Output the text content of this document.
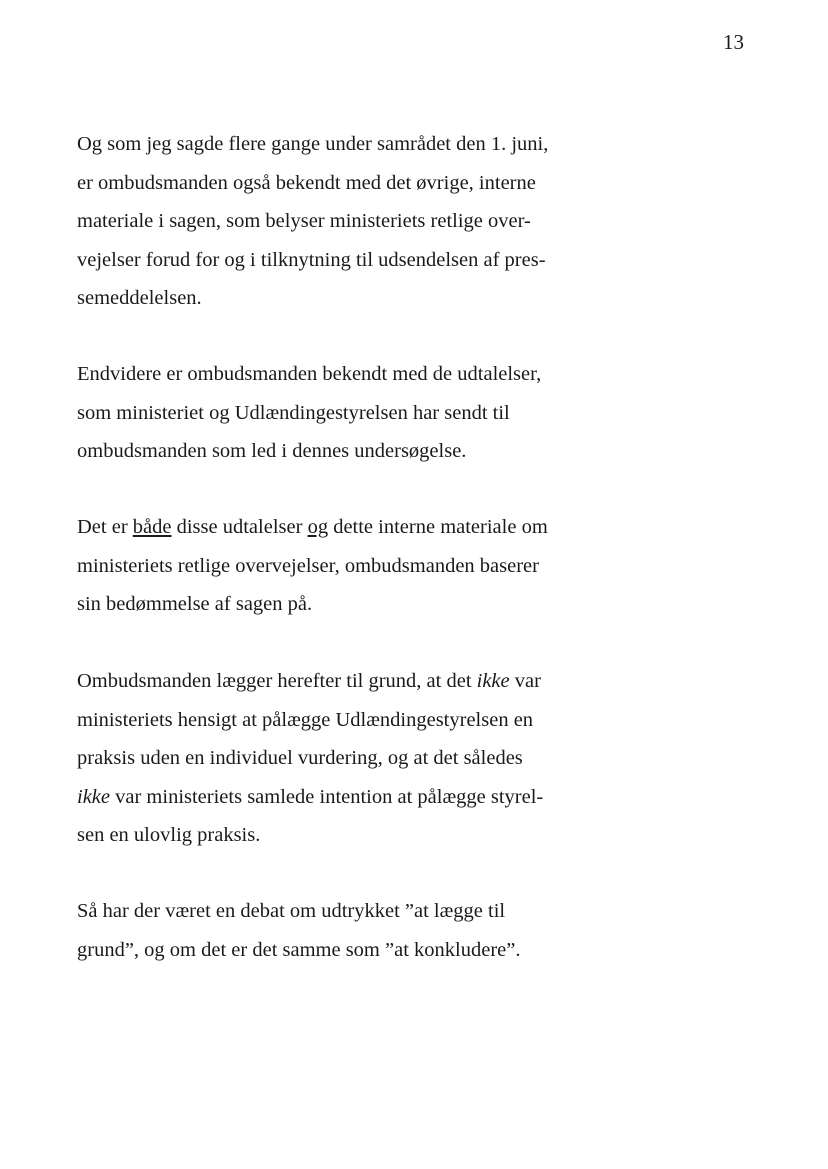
13

Og som jeg sagde flere gange under samrådet den 1. juni,
er ombudsmanden også bekendt med det øvrige, interne
materiale i sagen, som belyser ministeriets retlige over-
vejelser forud for og i tilknytning til udsendelsen af pres-
semeddelelsen.

Endvidere er ombudsmanden bekendt med de udtalelser,
som ministeriet og Udlændingestyrelsen har sendt til
ombudsmanden som led i dennes undersøgelse.

Det er både disse udtalelser og dette interne materiale om
ministeriets retlige overvejelser, ombudsmanden baserer
sin bedømmelse af sagen på.

Ombudsmanden lægger herefter til grund, at det ikke var
ministeriets hensigt at pålægge Udlændingestyrelsen en
praksis uden en individuel vurdering, og at det således
ikke var ministeriets samlede intention at pålægge styrel-
sen en ulovlig praksis.

Så har der været en debat om udtrykket ”at lægge til
grund”, og om det er det samme som ”at konkludere”.
